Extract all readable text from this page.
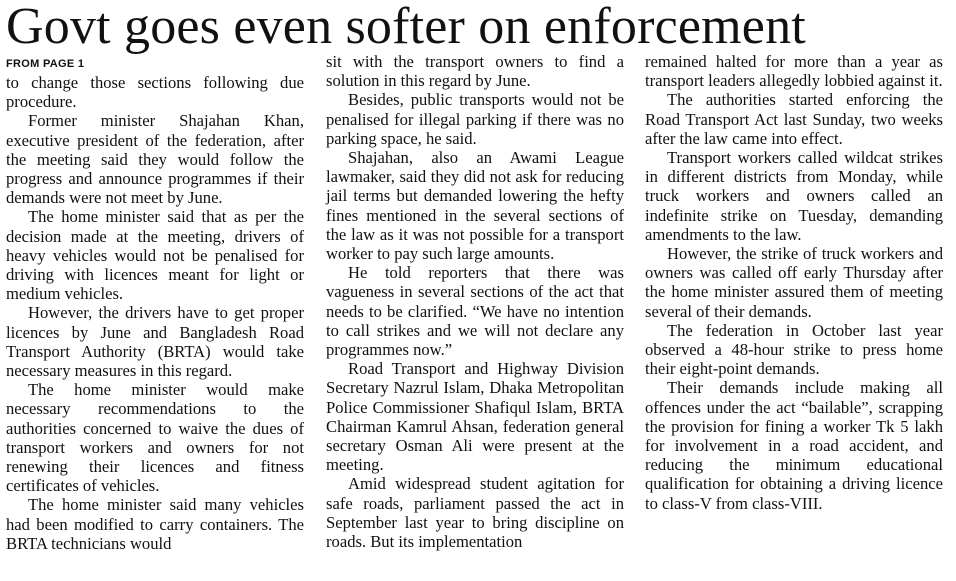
Govt goes even softer on enforcement
FROM PAGE 1

to change those sections following due procedure.

Former minister Shajahan Khan, executive president of the federation, after the meeting said they would follow the progress and announce programmes if their demands were not meet by June.

The home minister said that as per the decision made at the meeting, drivers of heavy vehicles would not be penalised for driving with licences meant for light or medium vehicles.

However, the drivers have to get proper licences by June and Bangladesh Road Transport Authority (BRTA) would take necessary measures in this regard.

The home minister would make necessary recommendations to the authorities concerned to waive the dues of transport workers and owners for not renewing their licences and fitness certificates of vehicles.

The home minister said many vehicles had been modified to carry containers. The BRTA technicians would

sit with the transport owners to find a solution in this regard by June.

Besides, public transports would not be penalised for illegal parking if there was no parking space, he said.

Shajahan, also an Awami League lawmaker, said they did not ask for reducing jail terms but demanded lowering the hefty fines mentioned in the several sections of the law as it was not possible for a transport worker to pay such large amounts.

He told reporters that there was vagueness in several sections of the act that needs to be clarified. “We have no intention to call strikes and we will not declare any programmes now.”

Road Transport and Highway Division Secretary Nazrul Islam, Dhaka Metropolitan Police Commissioner Shafiqul Islam, BRTA Chairman Kamrul Ahsan, federation general secretary Osman Ali were present at the meeting.

Amid widespread student agitation for safe roads, parliament passed the act in September last year to bring discipline on roads. But its implementation

remained halted for more than a year as transport leaders allegedly lobbied against it.

The authorities started enforcing the Road Transport Act last Sunday, two weeks after the law came into effect.

Transport workers called wildcat strikes in different districts from Monday, while truck workers and owners called an indefinite strike on Tuesday, demanding amendments to the law.

However, the strike of truck workers and owners was called off early Thursday after the home minister assured them of meeting several of their demands.

The federation in October last year observed a 48-hour strike to press home their eight-point demands.

Their demands include making all offences under the act “bailable”, scrapping the provision for fining a worker Tk 5 lakh for involvement in a road accident, and reducing the minimum educational qualification for obtaining a driving licence to class-V from class-VIII.
